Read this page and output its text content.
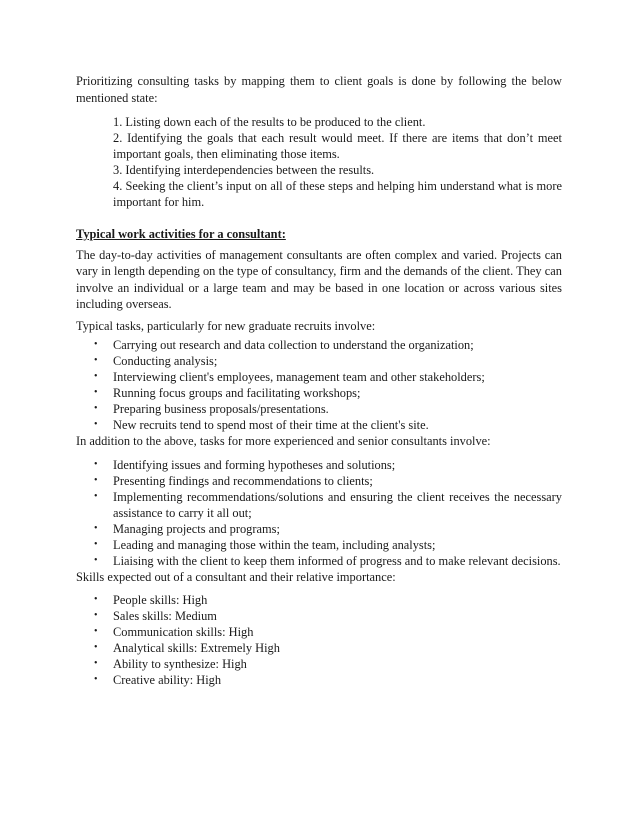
Prioritizing consulting tasks by mapping them to client goals is done by following the below mentioned state:

1. Listing down each of the results to be produced to the client.

2. Identifying the goals that each result would meet. If there are items that don’t meet important goals, then eliminating those items.

3. Identifying interdependencies between the results.

4. Seeking the client’s input on all of these steps and helping him understand what is more important for him.

Typical work activities for a consultant:

The day-to-day activities of management consultants are often complex and varied. Projects can vary in length depending on the type of consultancy, firm and the demands of the client. They can involve an individual or a large team and may be based in one location or across various sites including overseas.

Typical tasks, particularly for new graduate recruits involve:

• Carrying out research and data collection to understand the organization;
• Conducting analysis;
• Interviewing client's employees, management team and other stakeholders;
• Running focus groups and facilitating workshops;
• Preparing business proposals/presentations.
• New recruits tend to spend most of their time at the client's site.

In addition to the above, tasks for more experienced and senior consultants involve:

• Identifying issues and forming hypotheses and solutions;
• Presenting findings and recommendations to clients;
• Implementing recommendations/solutions and ensuring the client receives the necessary assistance to carry it all out;
• Managing projects and programs;
• Leading and managing those within the team, including analysts;
• Liaising with the client to keep them informed of progress and to make relevant decisions.

Skills expected out of a consultant and their relative importance:

• People skills: High
• Sales skills: Medium
• Communication skills: High
• Analytical skills: Extremely High
• Ability to synthesize: High
• Creative ability: High
